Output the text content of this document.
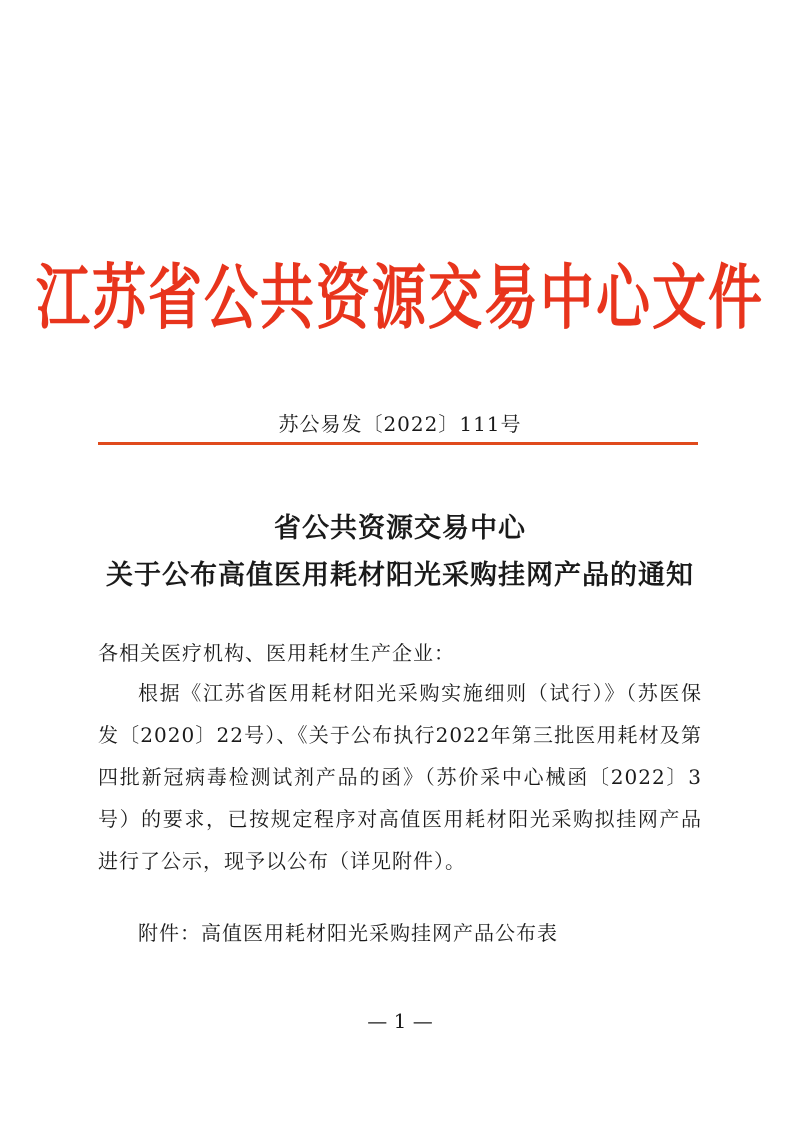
江苏省公共资源交易中心文件
苏公易发〔2022〕111号
省公共资源交易中心
关于公布高值医用耗材阳光采购挂网产品的通知
各相关医疗机构、医用耗材生产企业：

根据《江苏省医用耗材阳光采购实施细则（试行）》（苏医保发〔2020〕22号）、《关于公布执行2022年第三批医用耗材及第四批新冠病毒检测试剂产品的函》（苏价采中心械函〔2022〕3号）的要求，已按规定程序对高值医用耗材阳光采购拟挂网产品进行了公示，现予以公布（详见附件）。

附件：高值医用耗材阳光采购挂网产品公布表
— 1 —
